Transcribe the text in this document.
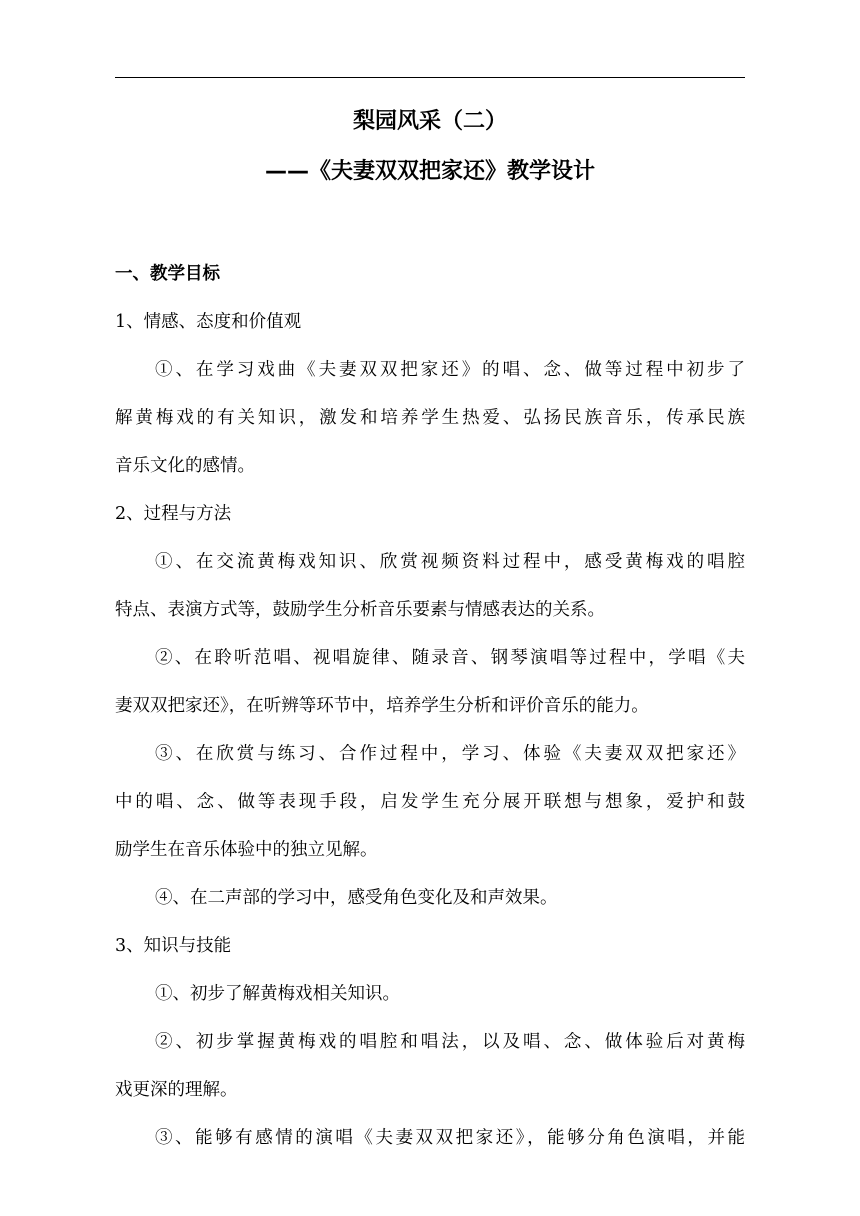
梨园风采（二）
——《夫妻双双把家还》教学设计
一、教学目标
1、情感、态度和价值观
①、在学习戏曲《夫妻双双把家还》的唱、念、做等过程中初步了
解黄梅戏的有关知识，激发和培养学生热爱、弘扬民族音乐，传承民族
音乐文化的感情。
2、过程与方法
①、在交流黄梅戏知识、欣赏视频资料过程中，感受黄梅戏的唱腔
特点、表演方式等，鼓励学生分析音乐要素与情感表达的关系。
②、在聆听范唱、视唱旋律、随录音、钢琴演唱等过程中，学唱《夫
妻双双把家还》，在听辨等环节中，培养学生分析和评价音乐的能力。
③、在欣赏与练习、合作过程中，学习、体验《夫妻双双把家还》
中的唱、念、做等表现手段，启发学生充分展开联想与想象，爱护和鼓
励学生在音乐体验中的独立见解。
④、在二声部的学习中，感受角色变化及和声效果。
3、知识与技能
①、初步了解黄梅戏相关知识。
②、初步掌握黄梅戏的唱腔和唱法，以及唱、念、做体验后对黄梅
戏更深的理解。
③、能够有感情的演唱《夫妻双双把家还》，能够分角色演唱，并能
